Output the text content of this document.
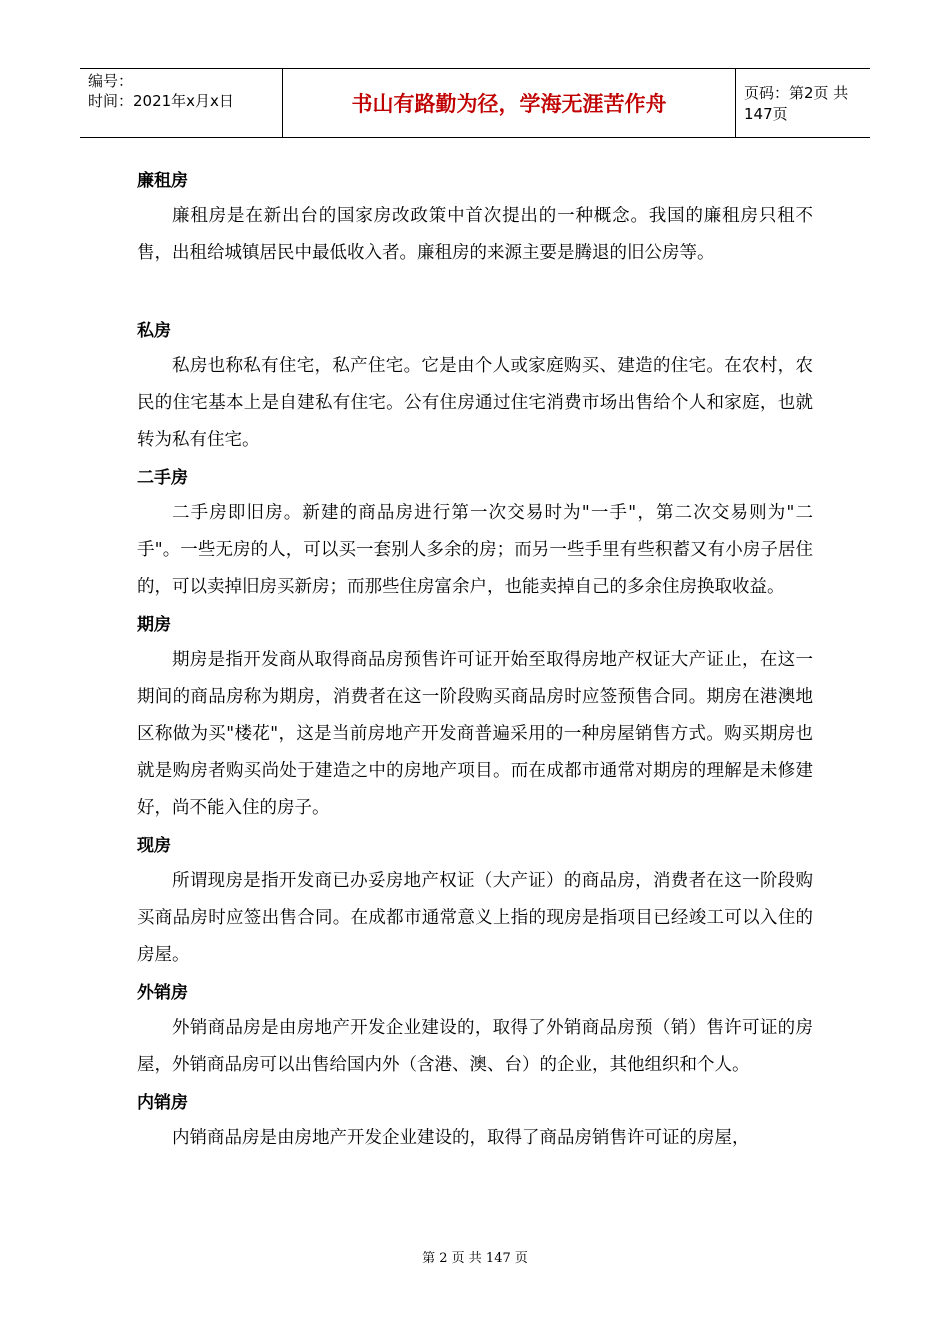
编号：
时间：2021年x月x日	书山有路勤为径，学海无涯苦作舟	页码：第2页 共147页
廉租房

廉租房是在新出台的国家房改政策中首次提出的一种概念。我国的廉租房只租不售，出租给城镇居民中最低收入者。廉租房的来源主要是腾退的旧公房等。

私房

私房也称私有住宅，私产住宅。它是由个人或家庭购买、建造的住宅。在农村，农民的住宅基本上是自建私有住宅。公有住房通过住宅消费市场出售给个人和家庭，也就转为私有住宅。

二手房

二手房即旧房。新建的商品房进行第一次交易时为"一手"，第二次交易则为"二手"。一些无房的人，可以买一套别人多余的房；而另一些手里有些积蓄又有小房子居住的，可以卖掉旧房买新房；而那些住房富余户，也能卖掉自己的多余住房换取收益。

期房

期房是指开发商从取得商品房预售许可证开始至取得房地产权证大产证止，在这一期间的商品房称为期房，消费者在这一阶段购买商品房时应签预售合同。期房在港澳地区称做为买"楼花"，这是当前房地产开发商普遍采用的一种房屋销售方式。购买期房也就是购房者购买尚处于建造之中的房地产项目。而在成都市通常对期房的理解是未修建好，尚不能入住的房子。

现房

所谓现房是指开发商已办妥房地产权证（大产证）的商品房，消费者在这一阶段购买商品房时应签出售合同。在成都市通常意义上指的现房是指项目已经竣工可以入住的房屋。

外销房

外销商品房是由房地产开发企业建设的，取得了外销商品房预（销）售许可证的房屋，外销商品房可以出售给国内外（含港、澳、台）的企业，其他组织和个人。

内销房

内销商品房是由房地产开发企业建设的，取得了商品房销售许可证的房屋，

第 2 页 共 147 页
